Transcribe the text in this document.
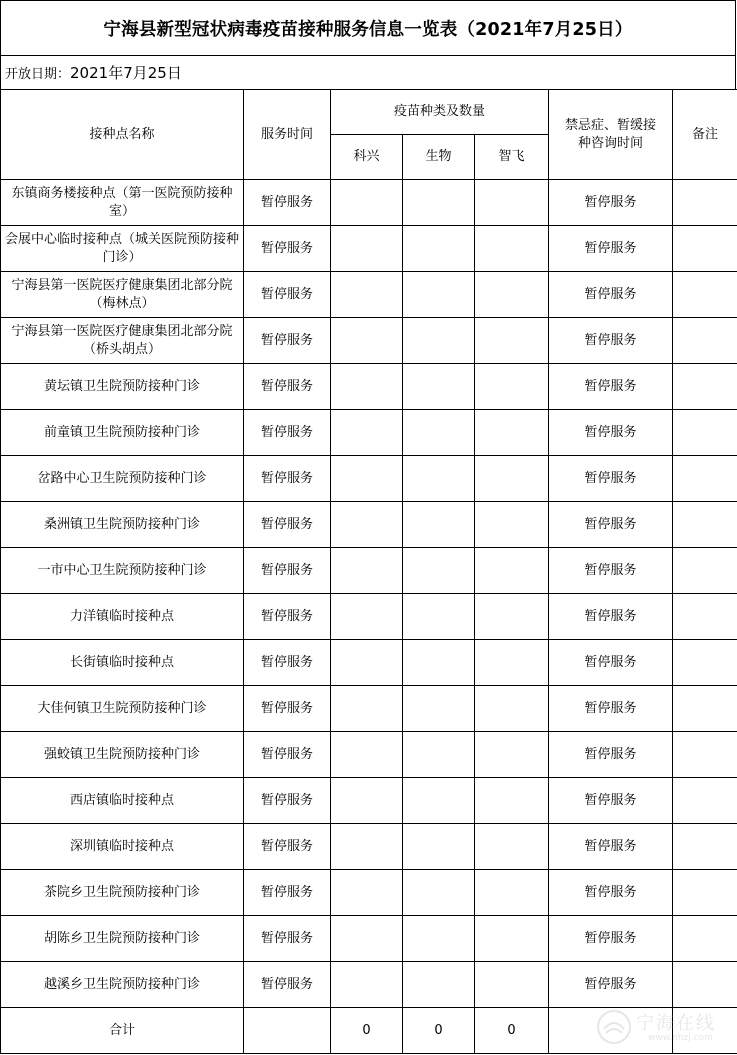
宁海县新型冠状病毒疫苗接种服务信息一览表（2021年7月25日）
开放日期： 2021年7月25日
接种点名称	服务时间	疫苗种类及数量			禁忌症、暂缓接种咨询时间	备注
		科兴	生物	智飞		
东镇商务楼接种点（第一医院预防接种室）	暂停服务				暂停服务	
会展中心临时接种点（城关医院预防接种门诊）	暂停服务				暂停服务	
宁海县第一医院医疗健康集团北部分院（梅林点）	暂停服务				暂停服务	
宁海县第一医院医疗健康集团北部分院（桥头胡点）	暂停服务				暂停服务	
黄坛镇卫生院预防接种门诊	暂停服务				暂停服务	
前童镇卫生院预防接种门诊	暂停服务				暂停服务	
岔路中心卫生院预防接种门诊	暂停服务				暂停服务	
桑洲镇卫生院预防接种门诊	暂停服务				暂停服务	
一市中心卫生院预防接种门诊	暂停服务				暂停服务	
力洋镇临时接种点	暂停服务				暂停服务	
长街镇临时接种点	暂停服务				暂停服务	
大佳何镇卫生院预防接种门诊	暂停服务				暂停服务	
强蛟镇卫生院预防接种门诊	暂停服务				暂停服务	
西店镇临时接种点	暂停服务				暂停服务	
深圳镇临时接种点	暂停服务				暂停服务	
茶院乡卫生院预防接种门诊	暂停服务				暂停服务	
胡陈乡卫生院预防接种门诊	暂停服务				暂停服务	
越溪乡卫生院预防接种门诊	暂停服务				暂停服务	
合计		0	0	0			宁海在线
www.nhzj.com
